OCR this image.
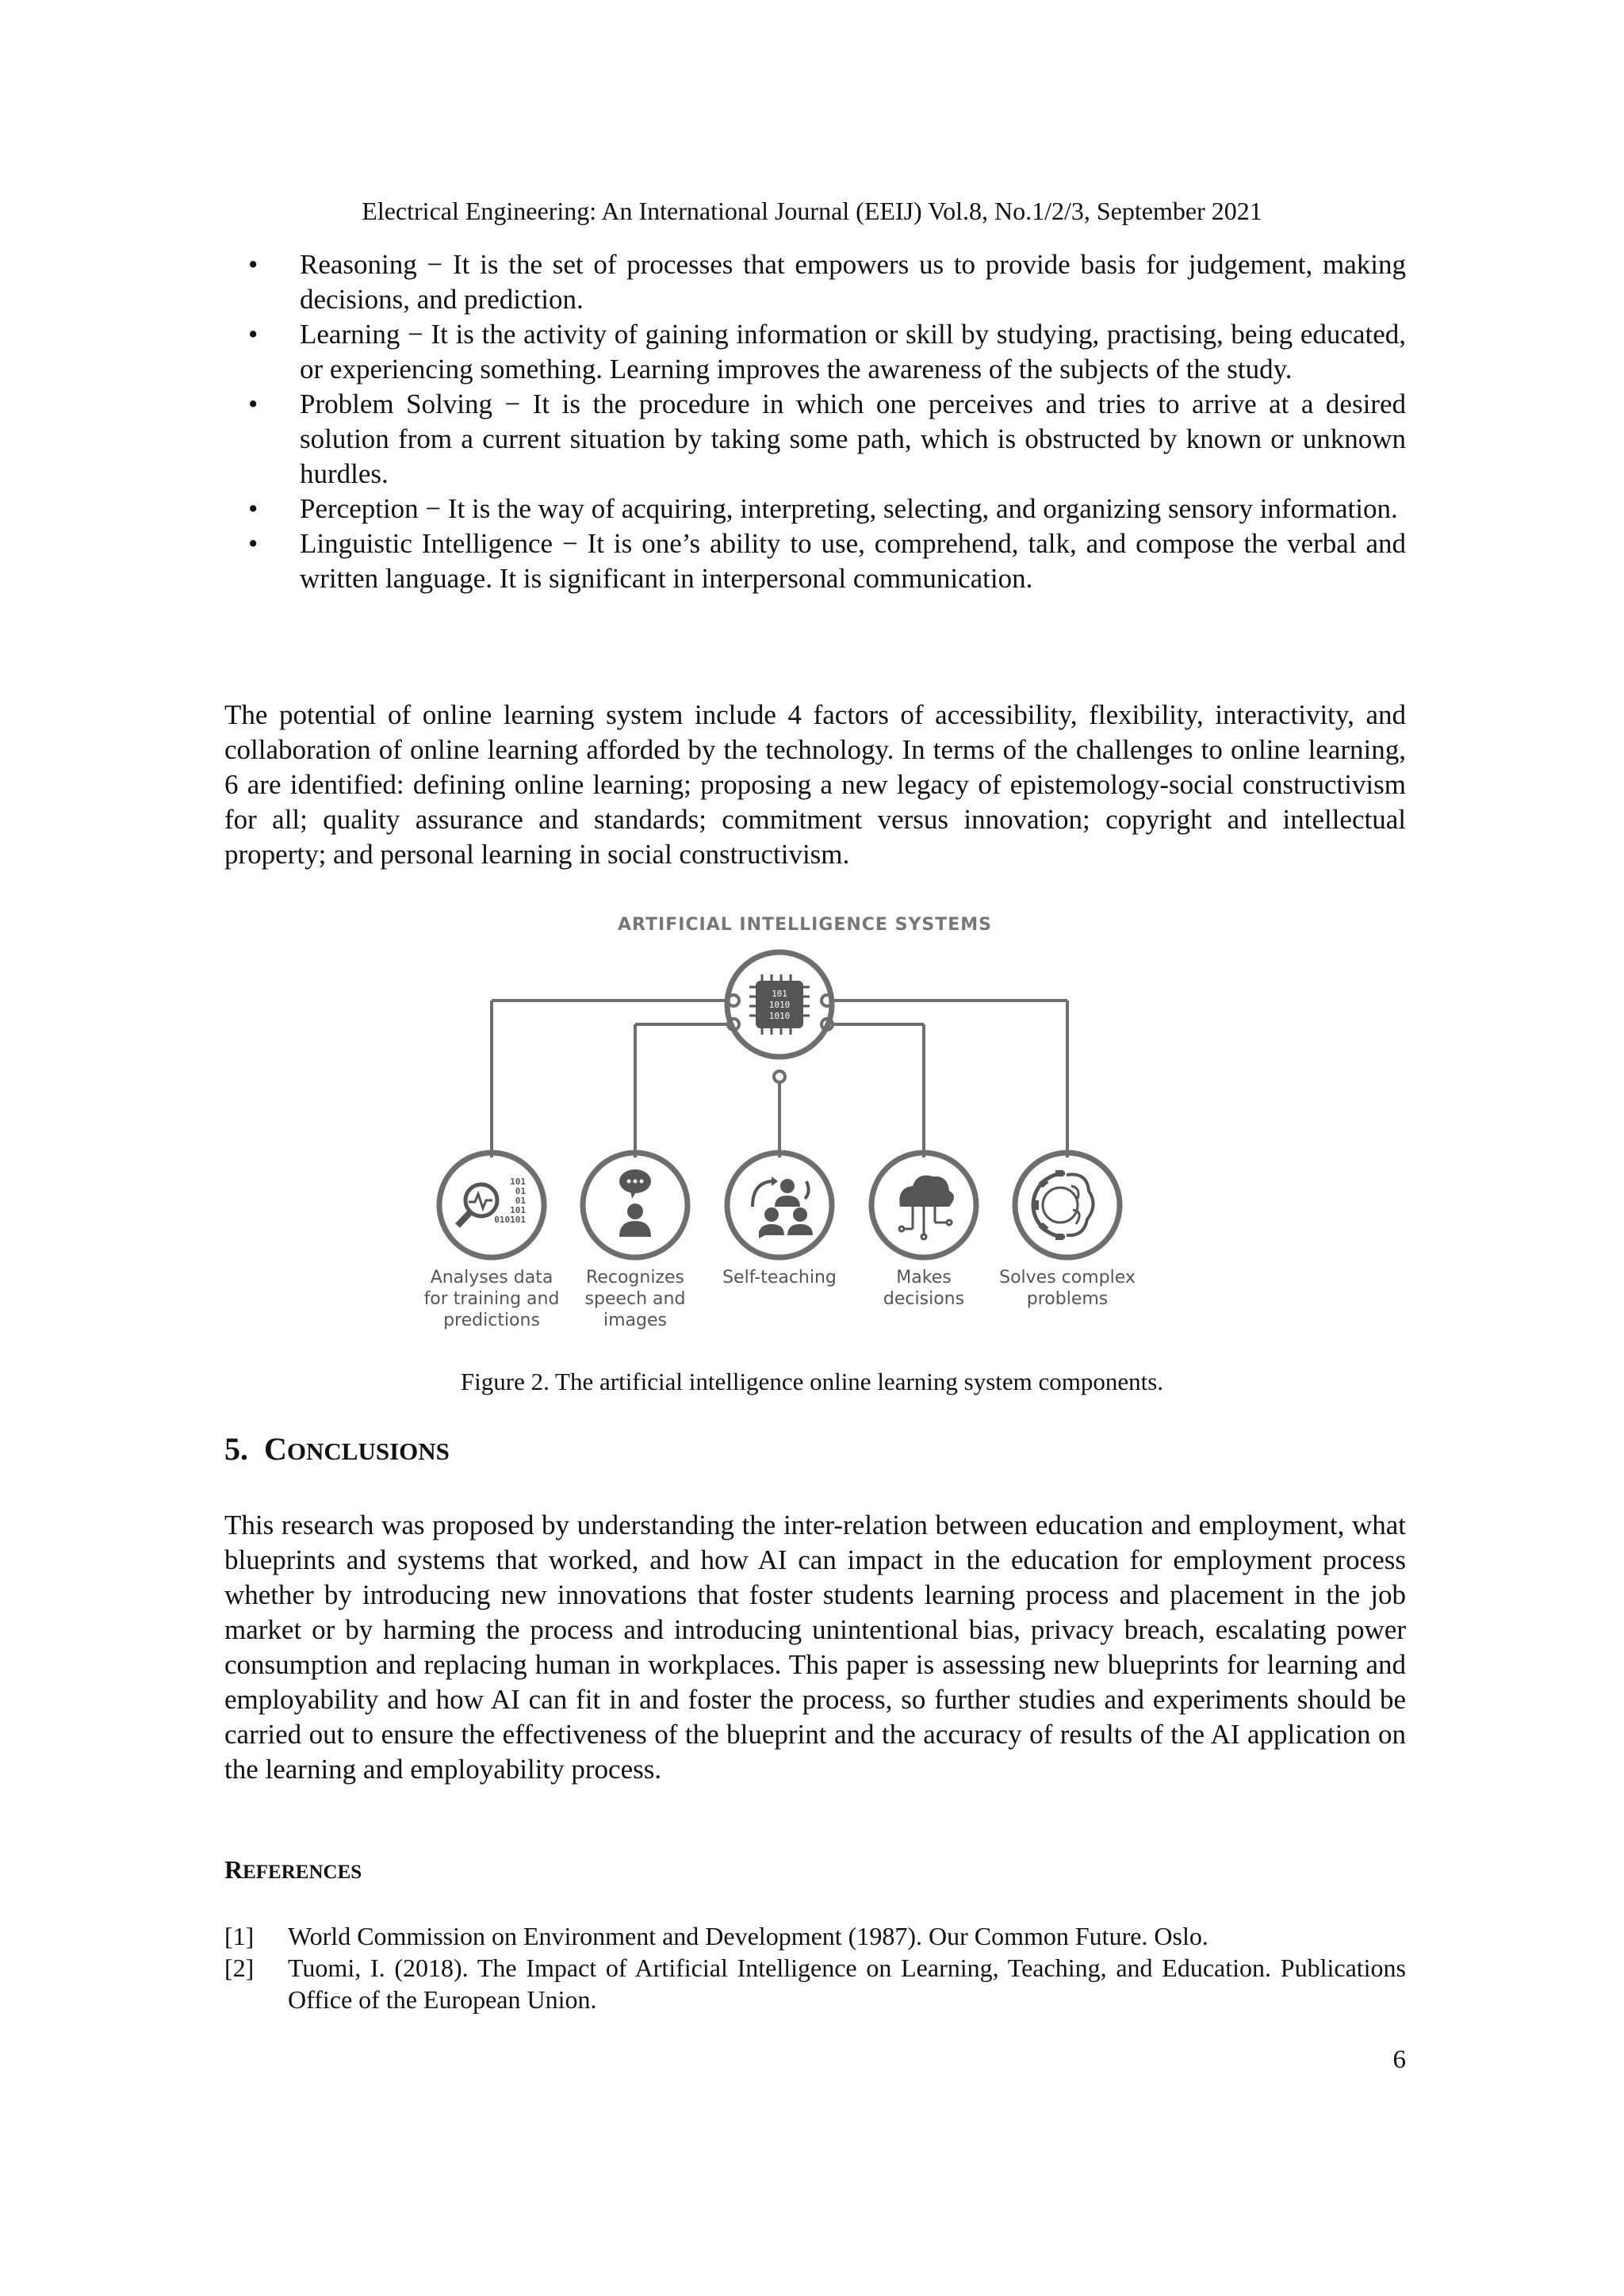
Electrical Engineering: An International Journal (EEIJ) Vol.8, No.1/2/3, September 2021

• Reasoning − It is the set of processes that empowers us to provide basis for judgement, making decisions, and prediction.

• Learning − It is the activity of gaining information or skill by studying, practising, being educated, or experiencing something. Learning improves the awareness of the subjects of the study.

• Problem Solving − It is the procedure in which one perceives and tries to arrive at a desired solution from a current situation by taking some path, which is obstructed by known or unknown hurdles.

• Perception − It is the way of acquiring, interpreting, selecting, and organizing sensory information.

• Linguistic Intelligence − It is one’s ability to use, comprehend, talk, and compose the verbal and written language. It is significant in interpersonal communication.

The potential of online learning system include 4 factors of accessibility, flexibility, interactivity, and collaboration of online learning afforded by the technology. In terms of the challenges to online learning, 6 are identified: defining online learning; proposing a new legacy of epistemology-social constructivism for all; quality assurance and standards; commitment versus innovation; copyright and intellectual property; and personal learning in social constructivism.

ARTIFICIAL INTELLIGENCE SYSTEMS
101
1010
1010
101
01
01
101
010101
Analyses data
for training and
predictions
Recognizes
speech and
images
Self-teaching	Makes
decisions
Solves complex
problems
Figure 2. The artificial intelligence online learning system components.
5. CONCLUSIONS

This research was proposed by understanding the inter-relation between education and employment, what blueprints and systems that worked, and how AI can impact in the education for employment process whether by introducing new innovations that foster students learning process and placement in the job market or by harming the process and introducing unintentional bias, privacy breach, escalating power consumption and replacing human in workplaces. This paper is assessing new blueprints for learning and employability and how AI can fit in and foster the process, so further studies and experiments should be carried out to ensure the effectiveness of the blueprint and the accuracy of results of the AI application on the learning and employability process.

REFERENCES

[1] World Commission on Environment and Development (1987). Our Common Future. Oslo.

[2] Tuomi, I. (2018). The Impact of Artificial Intelligence on Learning, Teaching, and Education. Publications Office of the European Union.

6
